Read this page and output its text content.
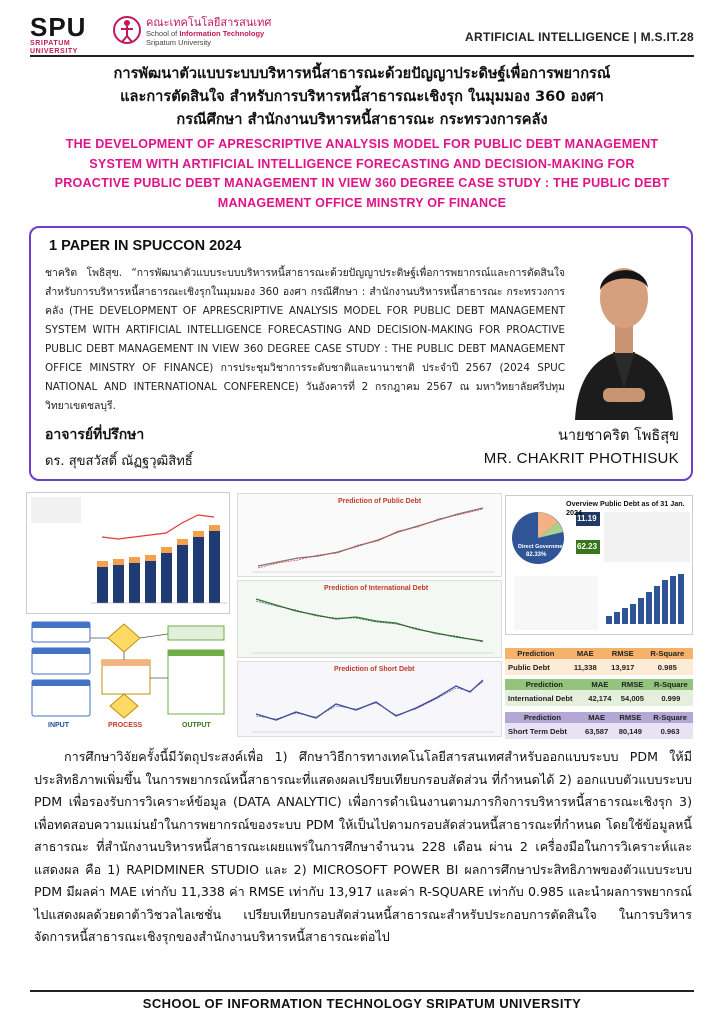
SPU
SRIPATUM UNIVERSITY
คณะเทคโนโลยีสารสนเทศ
School of Information Technology
Sripatum University	ARTIFICIAL INTELLIGENCE | M.S.IT.28
การพัฒนาตัวแบบระบบบริหารหนี้สาธารณะด้วยปัญญาประดิษฐ์เพื่อการพยากรณ์
และการตัดสินใจ สำหรับการบริหารหนี้สาธารณะเชิงรุก ในมุมมอง 360 องศา
กรณีศึกษา สำนักงานบริหารหนี้สาธารณะ กระทรวงการคลัง
THE DEVELOPMENT OF APRESCRIPTIVE ANALYSIS MODEL FOR PUBLIC DEBT MANAGEMENT
SYSTEM WITH ARTIFICIAL INTELLIGENCE FORECASTING AND DECISION-MAKING FOR
PROACTIVE PUBLIC DEBT MANAGEMENT IN VIEW 360 DEGREE CASE STUDY : THE PUBLIC DEBT
MANAGEMENT OFFICE MINSTRY OF FINANCE
1 PAPER IN SPUCCON 2024
ชาคริต โพธิสุข. “การพัฒนาตัวแบบระบบบริหารหนี้สาธารณะด้วยปัญญาประดิษฐ์เพื่อการพยากรณ์และการตัดสินใจสำหรับการบริหารหนี้สาธารณะเชิงรุกในมุมมอง 360 องศา กรณีศึกษา : สำนักงานบริหารหนี้สาธารณะ กระทรวงการคลัง (THE DEVELOPMENT OF APRESCRIPTIVE ANALYSIS MODEL FOR PUBLIC DEBT MANAGEMENT SYSTEM WITH ARTIFICIAL INTELLIGENCE FORECASTING AND DECISION-MAKING FOR PROACTIVE PUBLIC DEBT MANAGEMENT IN VIEW 360 DEGREE CASE STUDY : THE PUBLIC DEBT MANAGEMENT OFFICE MINSTRY OF FINANCE) การประชุมวิชาการระดับชาติและนานาชาติ ประจำปี 2567 (2024 SPUC NATIONAL AND INTERNATIONAL CONFERENCE) วันอังคารที่ 2 กรกฎาคม 2567 ณ มหาวิทยาลัยศรีปทุม วิทยาเขตชลบุรี.
อาจารย์ที่ปรึกษา
ดร. สุขสวัสดิ์ ณัฏฐวุฒิสิทธิ์
นายชาคริต โพธิสุข
MR. CHAKRIT PHOTHISUK
INPUT	PROCESS	OUTPUT
Prediction of Public Debt
Prediction of International Debt
Prediction of Short Debt
Overview Public Debt as of 31 Jan. 2024
Direct Government
82.33%
11.19
62.23
Prediction	MAE	RMSE	R-Square
Public Debt	11,338	13,917	0.985
Prediction	MAE	RMSE	R-Square
International Debt	42,174	54,005	0.999
Prediction	MAE	RMSE	R-Square
Short Term Debt	63,587	80,149	0.963
การศึกษาวิจัยครั้งนี้มีวัตถุประสงค์เพื่อ 1) ศึกษาวิธีการทางเทคโนโลยีสารสนเทศสำหรับออกแบบระบบ PDM ให้มีประสิทธิภาพเพิ่มขึ้น ในการพยากรณ์หนี้สาธารณะที่แสดงผลเปรียบเทียบกรอบสัดส่วน ที่กำหนดได้ 2) ออกแบบตัวแบบระบบ PDM เพื่อรองรับการวิเคราะห์ข้อมูล (DATA ANALYTIC) เพื่อการดำเนินงานตามภารกิจการบริหารหนี้สาธารณะเชิงรุก 3) เพื่อทดสอบความแม่นยำในการพยากรณ์ของระบบ PDM ให้เป็นไปตามกรอบสัดส่วนหนี้สาธารณะที่กำหนด โดยใช้ข้อมูลหนี้สาธารณะ ที่สำนักงานบริหารหนี้สาธารณะเผยแพร่ในการศึกษาจำนวน 228 เดือน ผ่าน 2 เครื่องมือในการวิเคราะห์และแสดงผล คือ 1) RAPIDMINER STUDIO และ 2) MICROSOFT POWER BI ผลการศึกษาประสิทธิภาพของตัวแบบระบบ PDM มีผลค่า MAE เท่ากับ 11,338 ค่า RMSE เท่ากับ 13,917 และค่า R-SQUARE เท่ากับ 0.985 และนำผลการพยากรณ์ไปแสดงผลด้วยดาต้าวิชวลไลเซชั่น เปรียบเทียบกรอบสัดส่วนหนี้สาธารณะสำหรับประกอบการตัดสินใจ ในการบริหารจัดการหนี้สาธารณะเชิงรุกของสำนักงานบริหารหนี้สาธารณะต่อไป
SCHOOL OF INFORMATION TECHNOLOGY SRIPATUM UNIVERSITY
